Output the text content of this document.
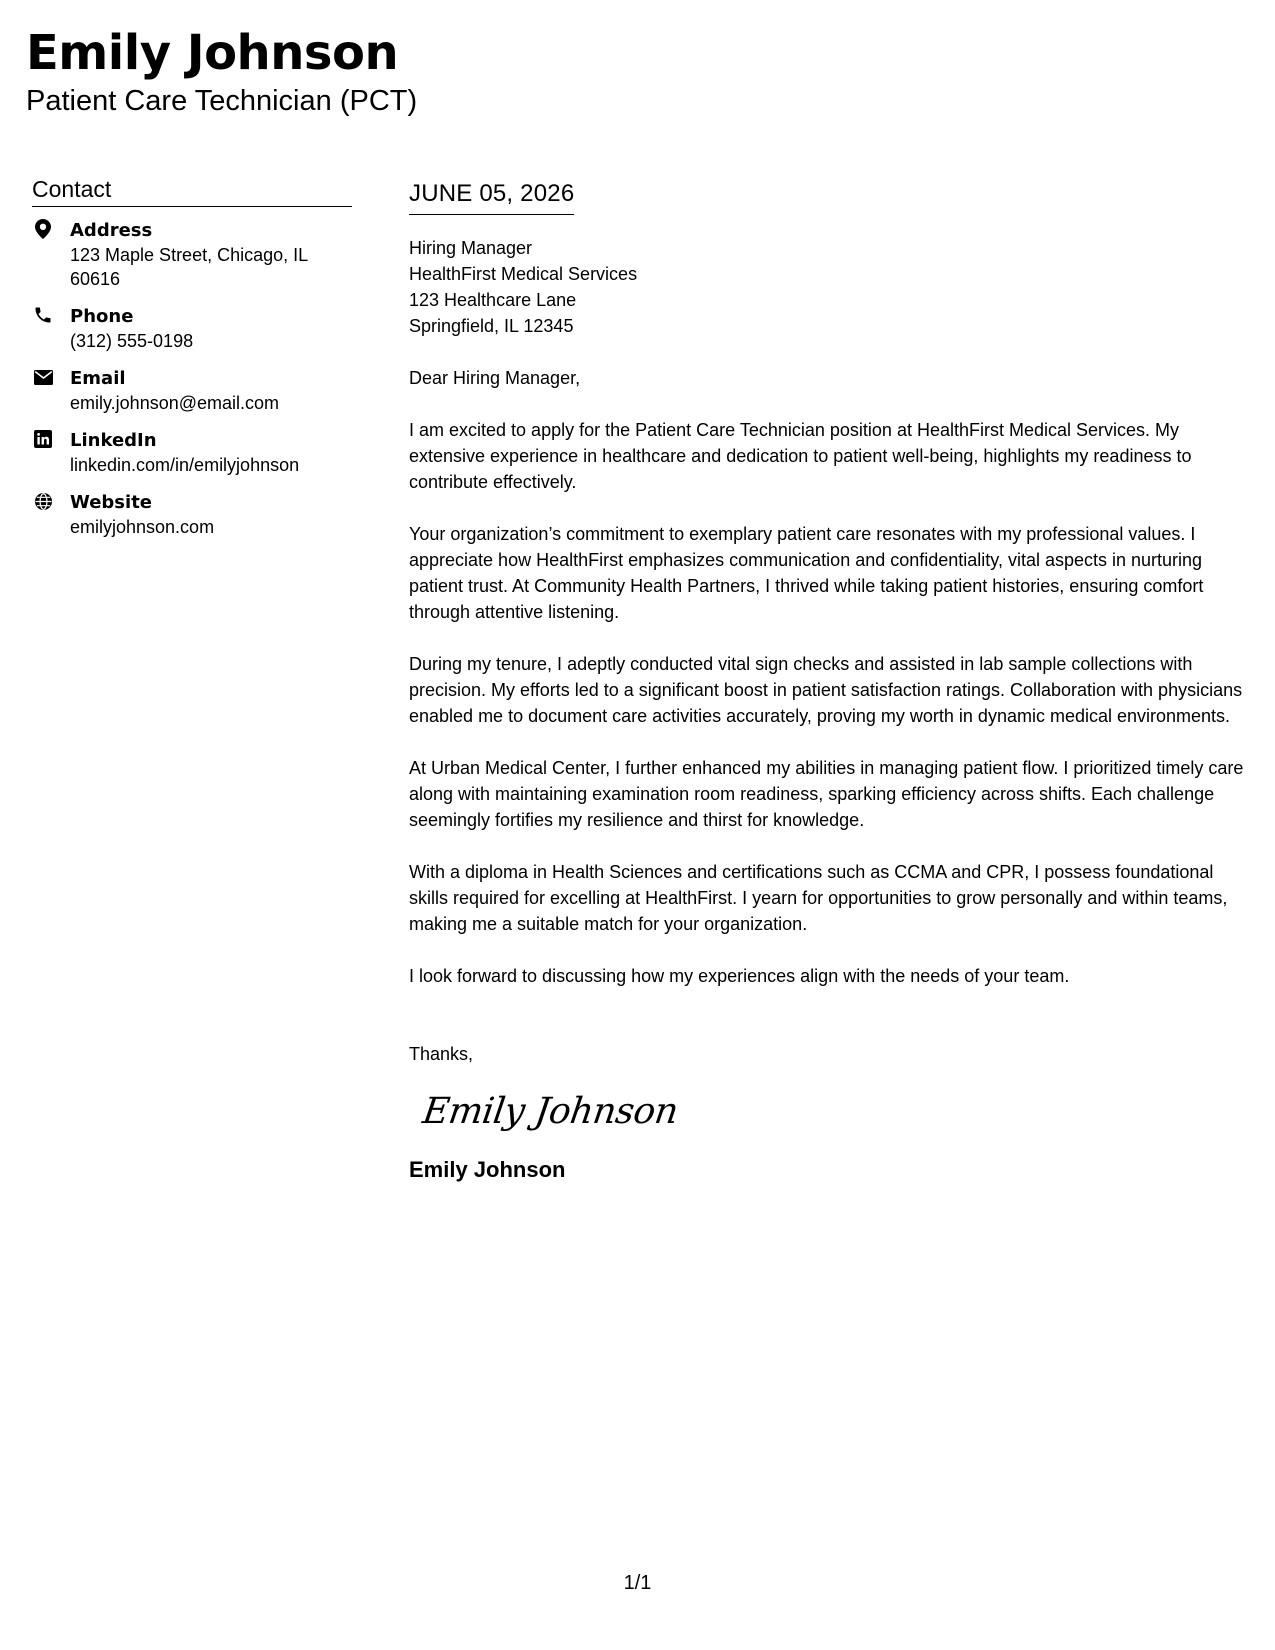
Emily Johnson
Patient Care Technician (PCT)
Contact
Address
123 Maple Street, Chicago, IL 60616
Phone
(312) 555-0198
Email
emily.johnson@email.com
LinkedIn
linkedin.com/in/emilyjohnson
Website
emilyjohnson.com
JUNE 05, 2026
Hiring Manager
HealthFirst Medical Services
123 Healthcare Lane
Springfield, IL 12345

Dear Hiring Manager,

I am excited to apply for the Patient Care Technician position at HealthFirst Medical Services. My extensive experience in healthcare and dedication to patient well-being, highlights my readiness to contribute effectively.

Your organization’s commitment to exemplary patient care resonates with my professional values. I appreciate how HealthFirst emphasizes communication and confidentiality, vital aspects in nurturing patient trust. At Community Health Partners, I thrived while taking patient histories, ensuring comfort through attentive listening.

During my tenure, I adeptly conducted vital sign checks and assisted in lab sample collections with precision. My efforts led to a significant boost in patient satisfaction ratings. Collaboration with physicians enabled me to document care activities accurately, proving my worth in dynamic medical environments.

At Urban Medical Center, I further enhanced my abilities in managing patient flow. I prioritized timely care along with maintaining examination room readiness, sparking efficiency across shifts. Each challenge seemingly fortifies my resilience and thirst for knowledge.

With a diploma in Health Sciences and certifications such as CCMA and CPR, I possess foundational skills required for excelling at HealthFirst. I yearn for opportunities to grow personally and within teams, making me a suitable match for your organization.

I look forward to discussing how my experiences align with the needs of your team.

Thanks,
Emily Johnson
Emily Johnson
1/1
